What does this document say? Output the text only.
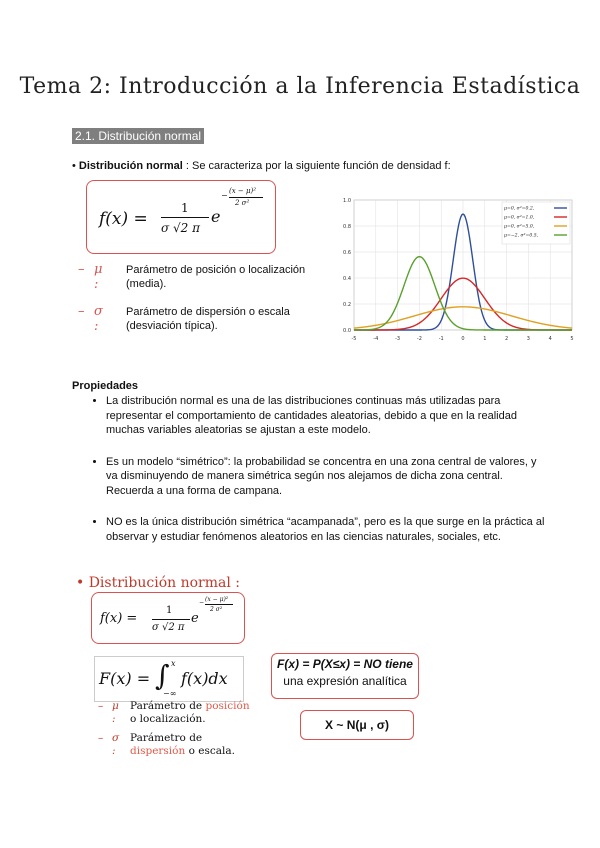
Tema 2: Introducción a la Inferencia Estadística
2.1. Distribución normal
• Distribución normal : Se caracteriza por la siguiente función de densidad f:
f(x) =
1
σ √2 π
e
− (x − μ)²
2 σ²
– μ :
Parámetro de posición o localización (media).
– σ :
Parámetro de dispersión o escala (desviación típica).
-5	-4	-3	-2	-1	0	1	2	3	4	5
0.0
0.2
0.4
0.6
0.8
1.0
μ=0, σ²=0.2,
μ=0, σ²=1.0,
μ=0, σ²=5.0,
μ=−2, σ²=0.5,
Propiedades
• La distribución normal es una de las distribuciones continuas más utilizadas para representar el comportamiento de cantidades aleatorias, debido a que en la realidad muchas variables aleatorias se ajustan a este modelo.
• Es un modelo “simétrico”: la probabilidad se concentra en una zona central de valores, y va disminuyendo de manera simétrica según nos alejamos de dicha zona central. Recuerda a una forma de campana.
• NO es la única distribución simétrica “acampanada”, pero es la que surge en la práctica al observar y estudiar fenómenos aleatorios en las ciencias naturales, sociales, etc.
• Distribución normal :
f(x) =
1
σ √2 π
e
− (x − μ)²
2 σ²
F(x) = ∫ x
−∞
f(x)dx
F(x) = P(X≤x) = NO tiene
una expresión analítica
X ~ N(μ , σ)
– μ :
Parámetro de posición
o localización.
– σ :
Parámetro de
dispersión o escala.
